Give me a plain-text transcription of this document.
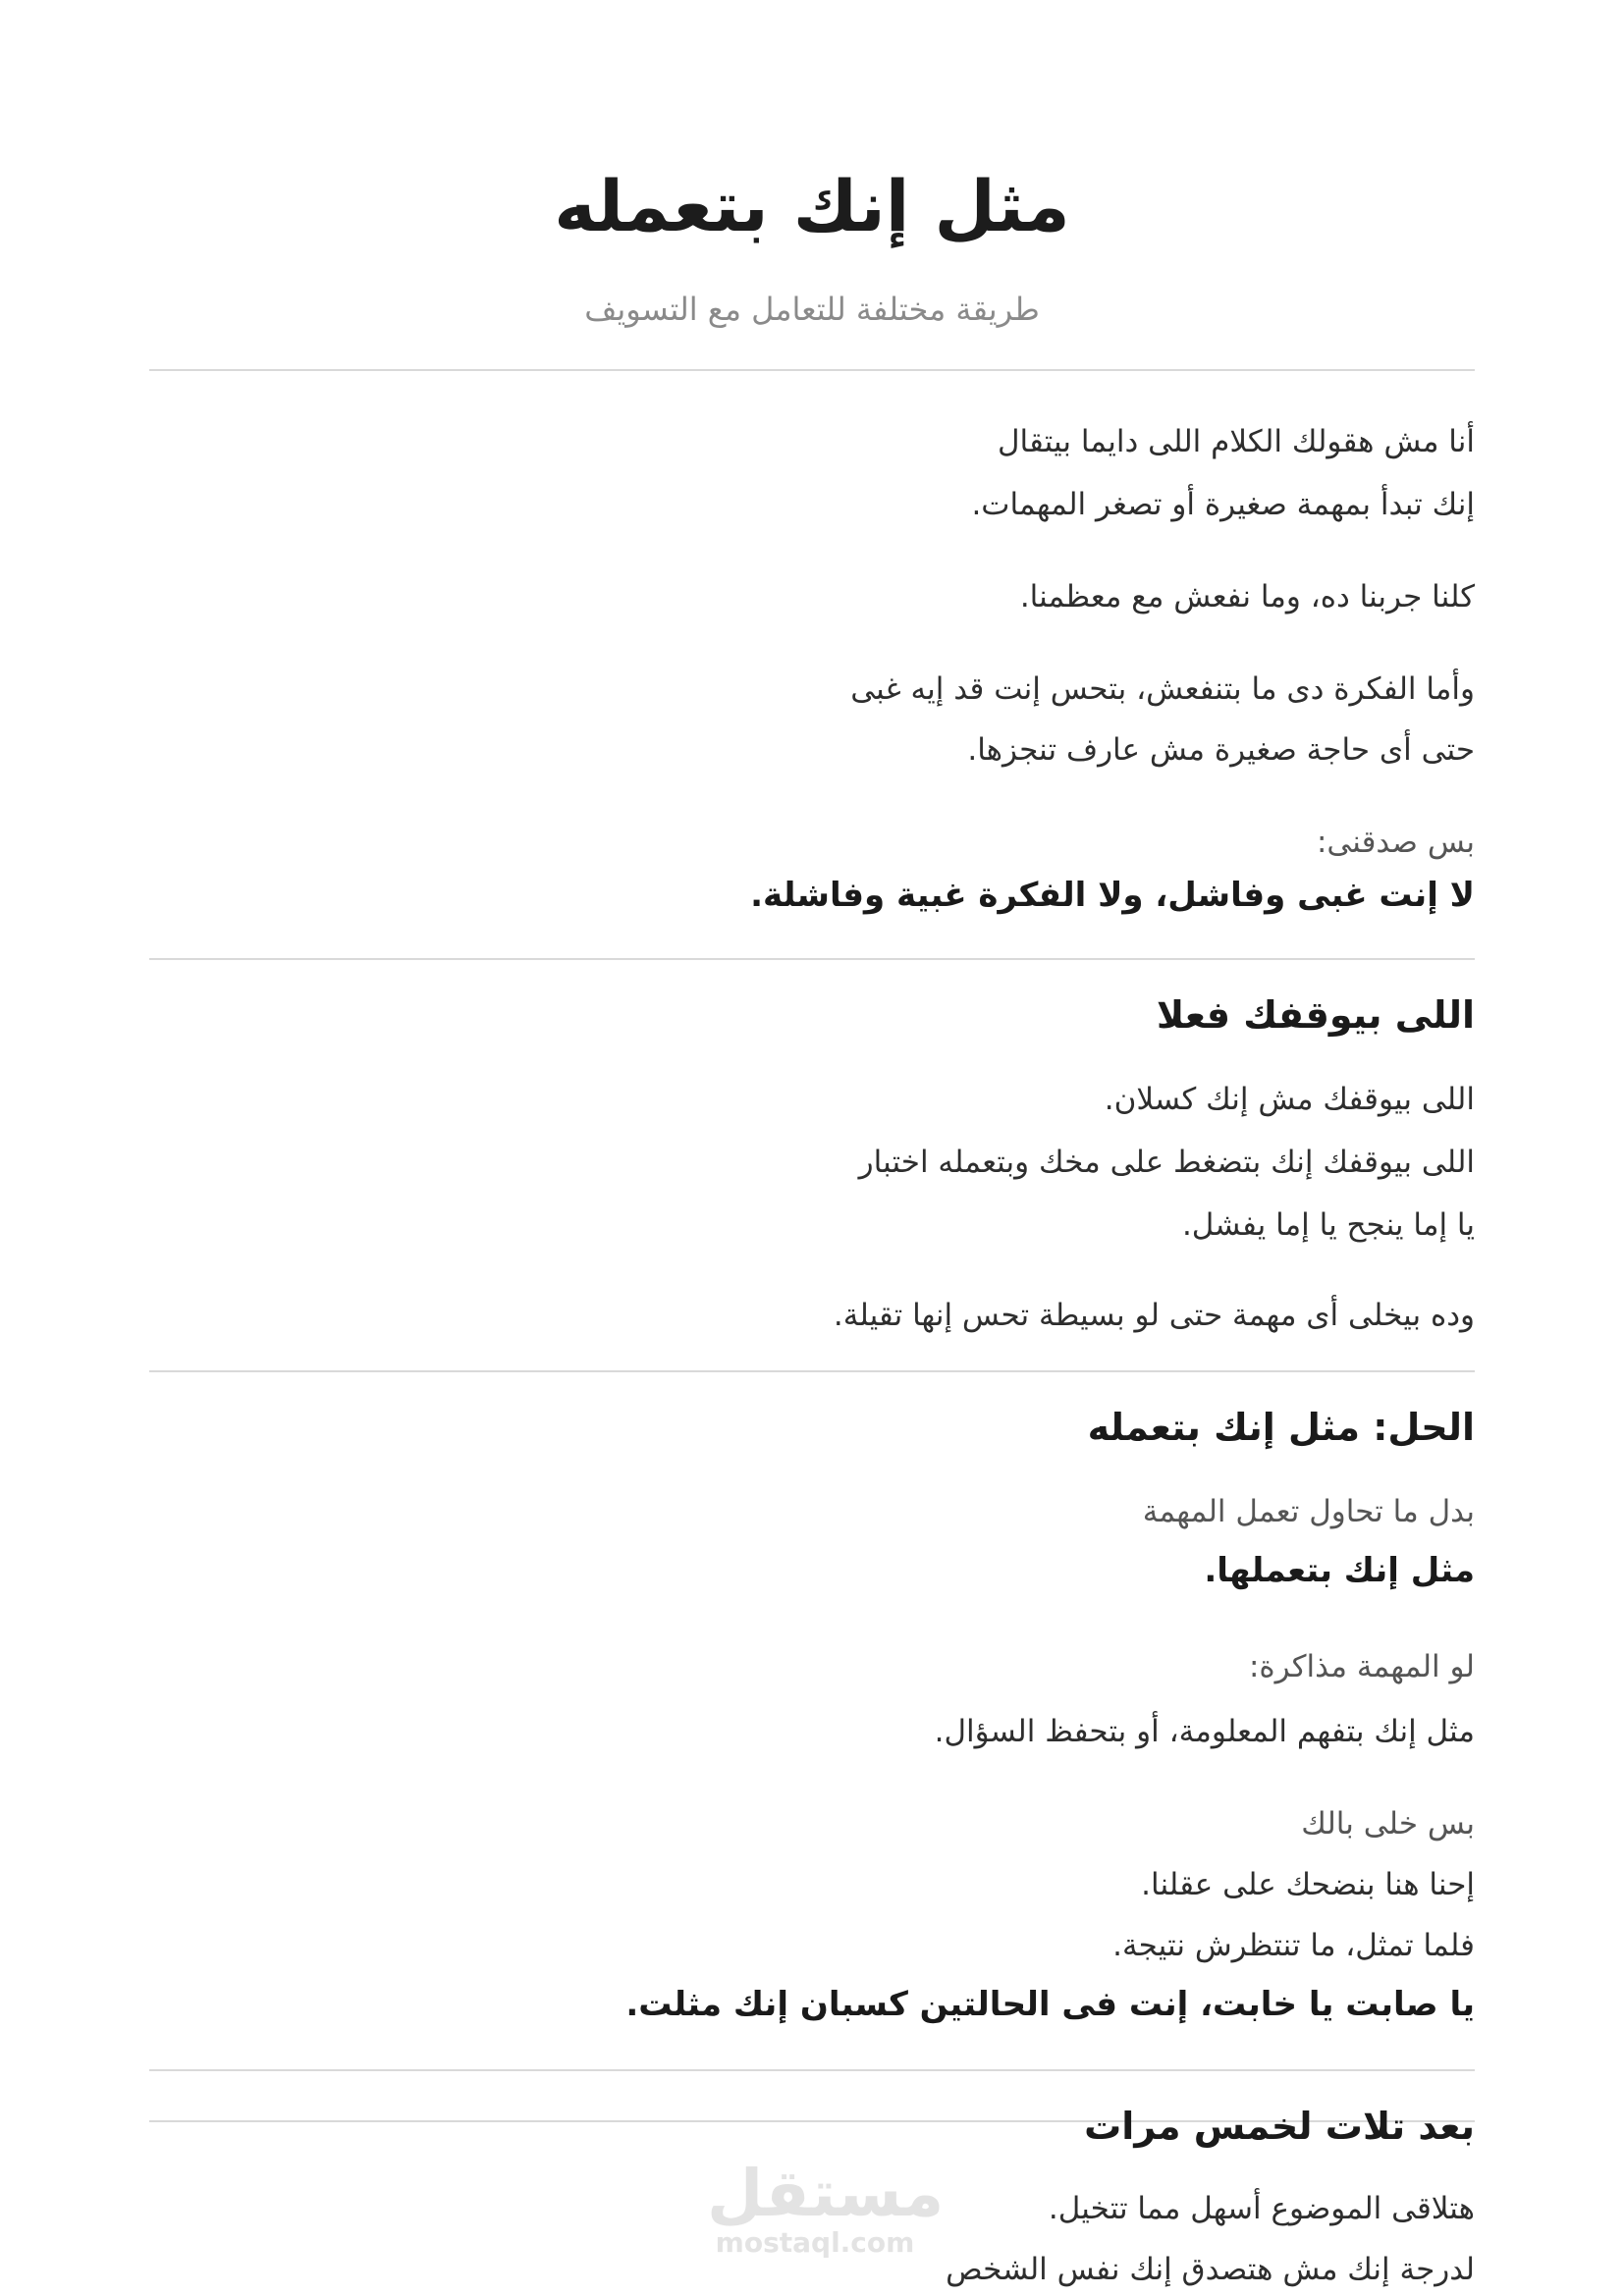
مثل إنك بتعمله
طريقة مختلفة للتعامل مع التسويف
أنا مش هقولك الكلام اللى دايما بيتقال
إنك تبدأ بمهمة صغيرة أو تصغر المهمات.
كلنا جربنا ده، وما نفعش مع معظمنا.
وأما الفكرة دى ما بتنفعش، بتحس إنت قد إيه غبى
حتى أى حاجة صغيرة مش عارف تنجزها.
بس صدقنى:
لا إنت غبى وفاشل، ولا الفكرة غبية وفاشلة.
اللى بيوقفك فعلا
اللى بيوقفك مش إنك كسلان.
اللى بيوقفك إنك بتضغط على مخك وبتعمله اختبار
يا إما ينجح يا إما يفشل.
وده بيخلى أى مهمة حتى لو بسيطة تحس إنها تقيلة.
الحل: مثل إنك بتعمله
بدل ما تحاول تعمل المهمة
مثل إنك بتعملها.
لو المهمة مذاكرة:
مثل إنك بتفهم المعلومة، أو بتحفظ السؤال.
بس خلى بالك
إحنا هنا بنضحك على عقلنا.
فلما تمثل، ما تنتظرش نتيجة.
يا صابت يا خابت، إنت فى الحالتين كسبان إنك مثلت.
بعد تلات لخمس مرات
هتلاقى الموضوع أسهل مما تتخيل.
لدرجة إنك مش هتصدق إنك نفس الشخص
مستقل
mostaql.com
